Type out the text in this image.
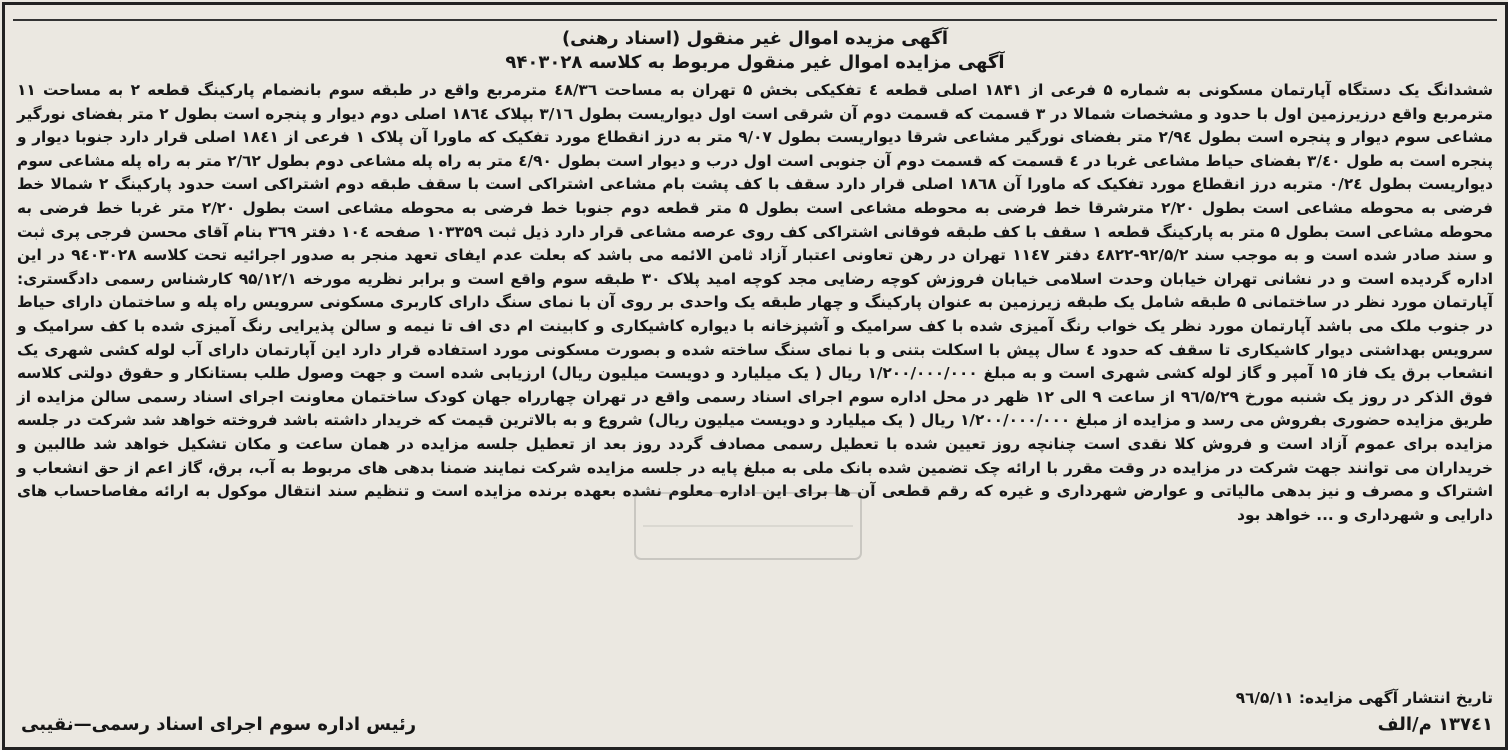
آگهی مزیده اموال غیر منقول (اسناد رهنی)
آگهی مزایده اموال غیر منقول مربوط به کلاسه ۹۴۰۳۰۲۸

ششدانگ یک دستگاه آپارتمان مسکونی به شماره ۵ فرعی از ۱۸۴۱ اصلی قطعه ٤ تفکیکی بخش ۵ تهران به مساحت ٤۸/۳٦ مترمربع واقع در طبقه سوم بانضمام پارکینگ قطعه ۲ به مساحت ۱۱ مترمربع واقع درزیرزمین اول با حدود و مشخصات شمالا در ۳ قسمت که قسمت دوم آن شرقی است اول دیواریست بطول ۳/۱٦ بپلاک ۱۸٦٤ اصلی دوم دیوار و پنجره است بطول ۲ متر بفضای نورگیر مشاعی سوم دیوار و پنجره است بطول ۲/۹٤ متر بفضای نورگیر مشاعی شرقا دیواریست بطول ۹/۰۷ متر به درز انقطاع مورد تفکیک که ماورا آن پلاک ۱ فرعی از ۱۸٤۱ اصلی قرار دارد جنوبا دیوار و پنجره است به طول ۳/٤۰ بفضای حیاط مشاعی غربا در ٤ قسمت که قسمت دوم آن جنوبی است اول درب و دیوار است بطول ٤/۹۰ متر به راه پله مشاعی دوم بطول ۲/٦۲ متر به راه پله مشاعی سوم دیواریست بطول ۰/۲٤ متربه درز انقطاع مورد تفکیک که ماورا آن ۱۸٦۸ اصلی قرار دارد سقف با کف پشت بام مشاعی اشتراکی است با سقف طبقه دوم اشتراکی است حدود پارکینگ ۲ شمالا خط فرضی به محوطه مشاعی است بطول ۲/۲۰ مترشرقا خط فرضی به محوطه مشاعی است بطول ۵ متر قطعه دوم جنوبا خط فرضی به محوطه مشاعی است بطول ۲/۲۰ متر غربا خط فرضی به محوطه مشاعی است بطول ۵ متر به پارکینگ قطعه ۱ سقف با کف طبقه فوقانی اشتراکی کف روی عرصه مشاعی قرار دارد ذیل ثبت ۱۰۳۳۵۹ صفحه ۱۰٤ دفتر ۳٦۹ بنام آقای محسن فرجی پری ثبت و سند صادر شده است و به موجب سند ۹۲/۵/۲-٤۸۲۲ دفتر ۱۱٤۷ تهران در رهن تعاونی اعتبار آزاد ثامن الائمه می باشد که بعلت عدم ایفای تعهد منجر به صدور اجرائیه تحت کلاسه ۹٤۰۳۰۲۸ در این اداره گردیده است و در نشانی تهران خیابان وحدت اسلامی خیابان فروزش کوچه رضایی مجد کوچه امید پلاک ۳۰ طبقه سوم واقع است و برابر نظریه مورخه ۹۵/۱۲/۱ کارشناس رسمی دادگستری: آپارتمان مورد نظر در ساختمانی ۵ طبقه شامل یک طبقه زیرزمین به عنوان پارکینگ و چهار طبقه یک واحدی بر روی آن با نمای سنگ دارای کاربری مسکونی سرویس راه پله و ساختمان دارای حیاط در جنوب ملک می باشد آپارتمان مورد نظر یک خواب رنگ آمیزی شده با کف سرامیک و آشپزخانه با دیواره کاشیکاری و کابینت ام دی اف تا نیمه و سالن پذیرایی رنگ آمیزی شده با کف سرامیک و سرویس بهداشتی دیوار کاشیکاری تا سقف که حدود ٤ سال پیش با اسکلت بتنی و با نمای سنگ ساخته شده و بصورت مسکونی مورد استفاده قرار دارد این آپارتمان دارای آب لوله کشی شهری یک انشعاب برق یک فاز ۱۵ آمپر و گاز لوله کشی شهری است و به مبلغ ۱/۲۰۰/۰۰۰/۰۰۰ ریال ( یک میلیارد و دویست میلیون ریال) ارزیابی شده است و جهت وصول طلب بستانکار و حقوق دولتی کلاسه فوق الذکر در روز یک شنبه مورخ ۹٦/۵/۲۹ از ساعت ۹ الی ۱۲ ظهر در محل اداره سوم اجرای اسناد رسمی واقع در تهران چهارراه جهان کودک ساختمان معاونت اجرای اسناد رسمی سالن مزایده از طریق مزایده حضوری بفروش می رسد و مزایده از مبلغ ۱/۲۰۰/۰۰۰/۰۰۰ ریال ( یک میلیارد و دویست میلیون ریال) شروع و به بالاترین قیمت که خریدار داشته باشد فروخته خواهد شد شرکت در جلسه مزایده برای عموم آزاد است و فروش کلا نقدی است چنانچه روز تعیین شده با تعطیل رسمی مصادف گردد روز بعد از تعطیل جلسه مزایده در همان ساعت و مکان تشکیل خواهد شد طالبین و خریداران می توانند جهت شرکت در مزایده در وقت مقرر با ارائه چک تضمین شده بانک ملی به مبلغ پایه در جلسه مزایده شرکت نمایند ضمنا بدهی های مربوط به آب، برق، گاز اعم از حق انشعاب و اشتراک و مصرف و نیز بدهی مالیاتی و عوارض شهرداری و غیره که رقم قطعی آن ها برای این اداره معلوم نشده بعهده برنده مزایده است و تنظیم سند انتقال موکول به ارائه مفاصاحساب های دارایی و شهرداری و ... خواهد بود

تاریخ انتشار آگهی مزایده: ۹٦/۵/۱۱
۱۳۷٤۱ م/الف
رئیس اداره سوم اجرای اسناد رسمی—نقیبی
